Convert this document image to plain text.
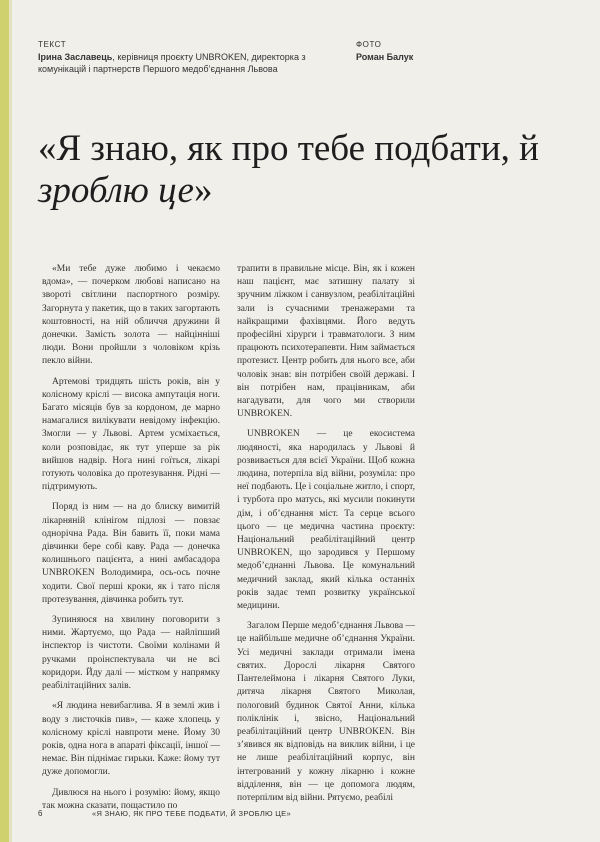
ТЕКСТ
Ірина Заславець, керівниця проєкту UNBROKEN, директорка з комунікацій і партнерств Першого медоб’єднання Львова
ФОТО
Роман Балук
«Я знаю, як про тебе подбати, й зроблю це»

«Ми тебе дуже любимо і чекаємо вдома», — почерком любові написано на звороті світлини паспортного розміру. Загорнута у пакетик, що в таких загортають коштовності, на ній обличчя дружини й донечки. Замість золота — найцінніші люди. Вони пройшли з чоловіком крізь пекло війни.

Артемові тридцять шість років, він у колісному кріслі — висока ампутація ноги. Багато місяців був за кордоном, де марно намагалися вилікувати невідому інфекцію. Змогли — у Львові. Артем усміхається, коли розповідає, як тут уперше за рік вийшов надвір. Нога нині гоїться, лікарі готують чоловіка до протезування. Рідні — підтримують.

Поряд із ним — на до блиску вимитій лікарняній клініґом підлозі — повзає однорічна Рада. Він бавить її, поки мама дівчинки бере собі каву. Рада — донечка колишнього пацієнта, а нині амбасадора UNBROKEN Володимира, ось-ось почне ходити. Свої перші кроки, як і тато після протезування, дівчинка робить тут.

Зупиняюся на хвилину поговорити з ними. Жартуємо, що Рада — найліпший інспектор із чистоти. Своїми колінами й ручками проінспектувала чи не всі коридори. Йду далі — містком у напрямку реабілітаційних залів.

«Я людина невибаглива. Я в землі жив і воду з листочків пив», — каже хлопець у колісному кріслі навпроти мене. Йому 30 років, одна нога в апараті фіксації, іншої — немає. Він піднімає гирьки. Каже: йому тут дуже допомогли.

Дивлюся на нього і розумію: йому, якщо так можна сказати, пощастило по

трапити в правильне місце. Він, як і кожен наш пацієнт, має затишну палату зі зручним ліжком і санвузлом, реабілітаційні зали із сучасними тренажерами та найкращими фахівцями. Його ведуть професійні хірурги і травматологи. З ним працюють психотерапевти. Ним займається протезист. Центр робить для нього все, аби чоловік знав: він потрібен своїй державі. І він потрібен нам, працівникам, аби нагадувати, для чого ми створили UNBROKEN.

UNBROKEN — це екосистема людяності, яка народилась у Львові й розвивається для всієї України. Щоб кожна людина, потерпіла від війни, розуміла: про неї подбають. Це і соціальне житло, і спорт, і турбота про матусь, які мусили покинути дім, і об’єднання міст. Та серце всього цього — це медична частина проєкту: Національний реабілітаційний центр UNBROKEN, що зародився у Першому медоб’єднанні Львова. Це комунальний медичний заклад, який кілька останніх років задає темп розвитку української медицини.

Загалом Перше медоб’єднання Львова — це найбільше медичне об’єднання України. Усі медичні заклади отримали імена святих. Дорослі лікарня Святого Пантелеймона і лікарня Святого Луки, дитяча лікарня Святого Миколая, пологовий будинок Святої Анни, кілька поліклінік і, звісно, Національний реабілітаційний центр UNBROKEN. Він з’явився як відповідь на виклик війни, і це не лише реабілітаційний корпус, він інтегрований у кожну лікарню і кожне відділення, він — це допомога людям, потерпілим від війни. Рятуємо, реабілі

6	«Я ЗНАЮ, ЯК ПРО ТЕБЕ ПОДБАТИ, Й ЗРОБЛЮ ЦЕ»
